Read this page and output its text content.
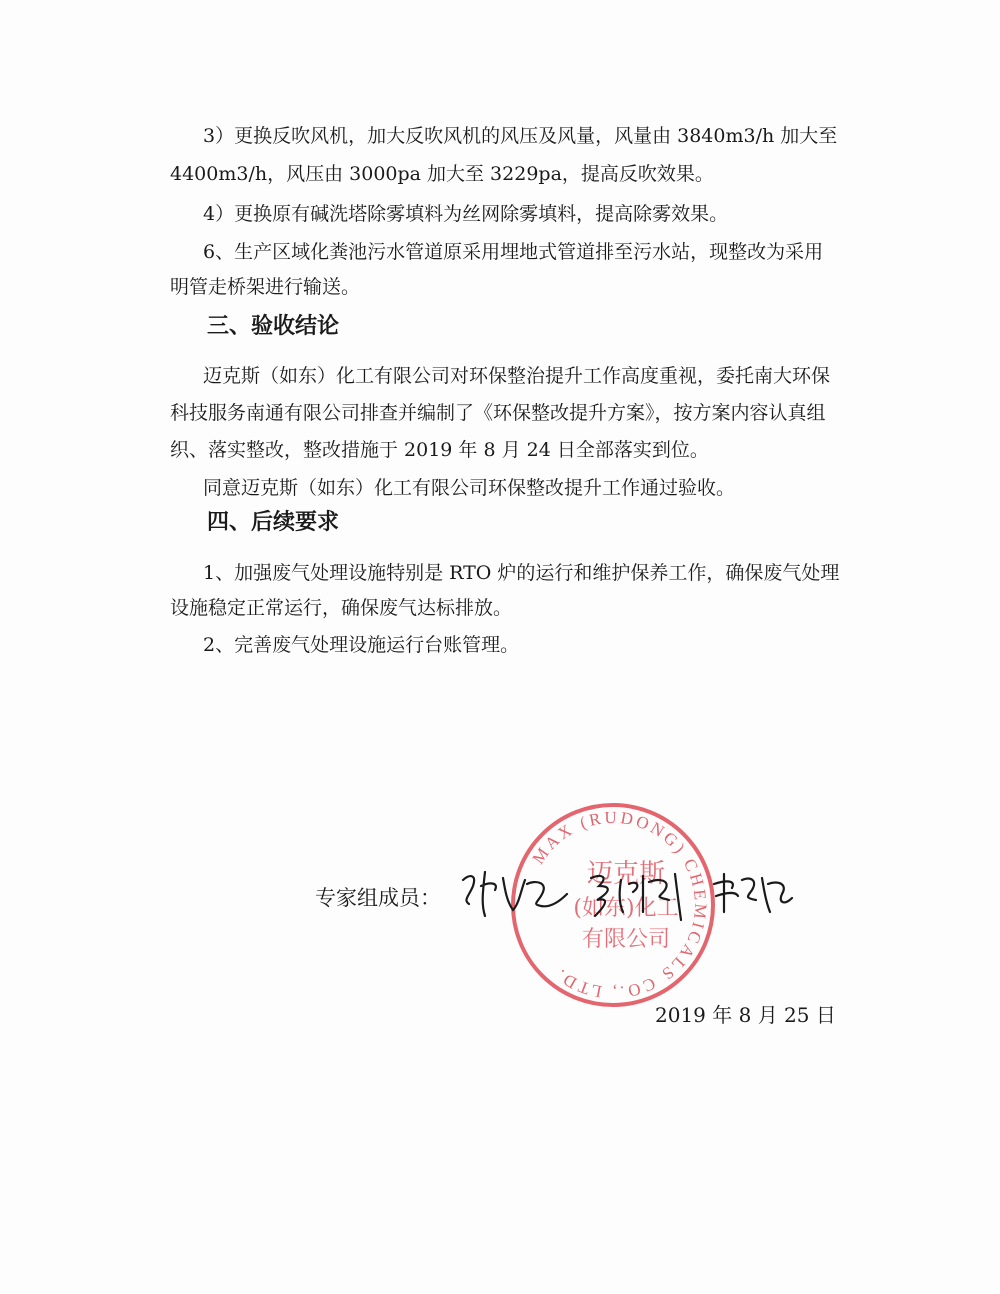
3）更换反吹风机，加大反吹风机的风压及风量，风量由 3840m3/h 加大至
4400m3/h，风压由 3000pa 加大至 3229pa，提高反吹效果。
4）更换原有碱洗塔除雾填料为丝网除雾填料，提高除雾效果。
6、生产区域化粪池污水管道原采用埋地式管道排至污水站，现整改为采用
明管走桥架进行输送。
三、验收结论
迈克斯（如东）化工有限公司对环保整治提升工作高度重视，委托南大环保
科技服务南通有限公司排查并编制了《环保整改提升方案》，按方案内容认真组
织、落实整改，整改措施于 2019 年 8 月 24 日全部落实到位。
同意迈克斯（如东）化工有限公司环保整改提升工作通过验收。
四、后续要求
1、加强废气处理设施特别是 RTO 炉的运行和维护保养工作，确保废气处理
设施稳定正常运行，确保废气达标排放。
2、完善废气处理设施运行台账管理。
MAX (RUDONG) CHEMICALS CO., LTD.
迈克斯
(如东)化工
有限公司
专家组成员：
2019 年 8 月 25 日
